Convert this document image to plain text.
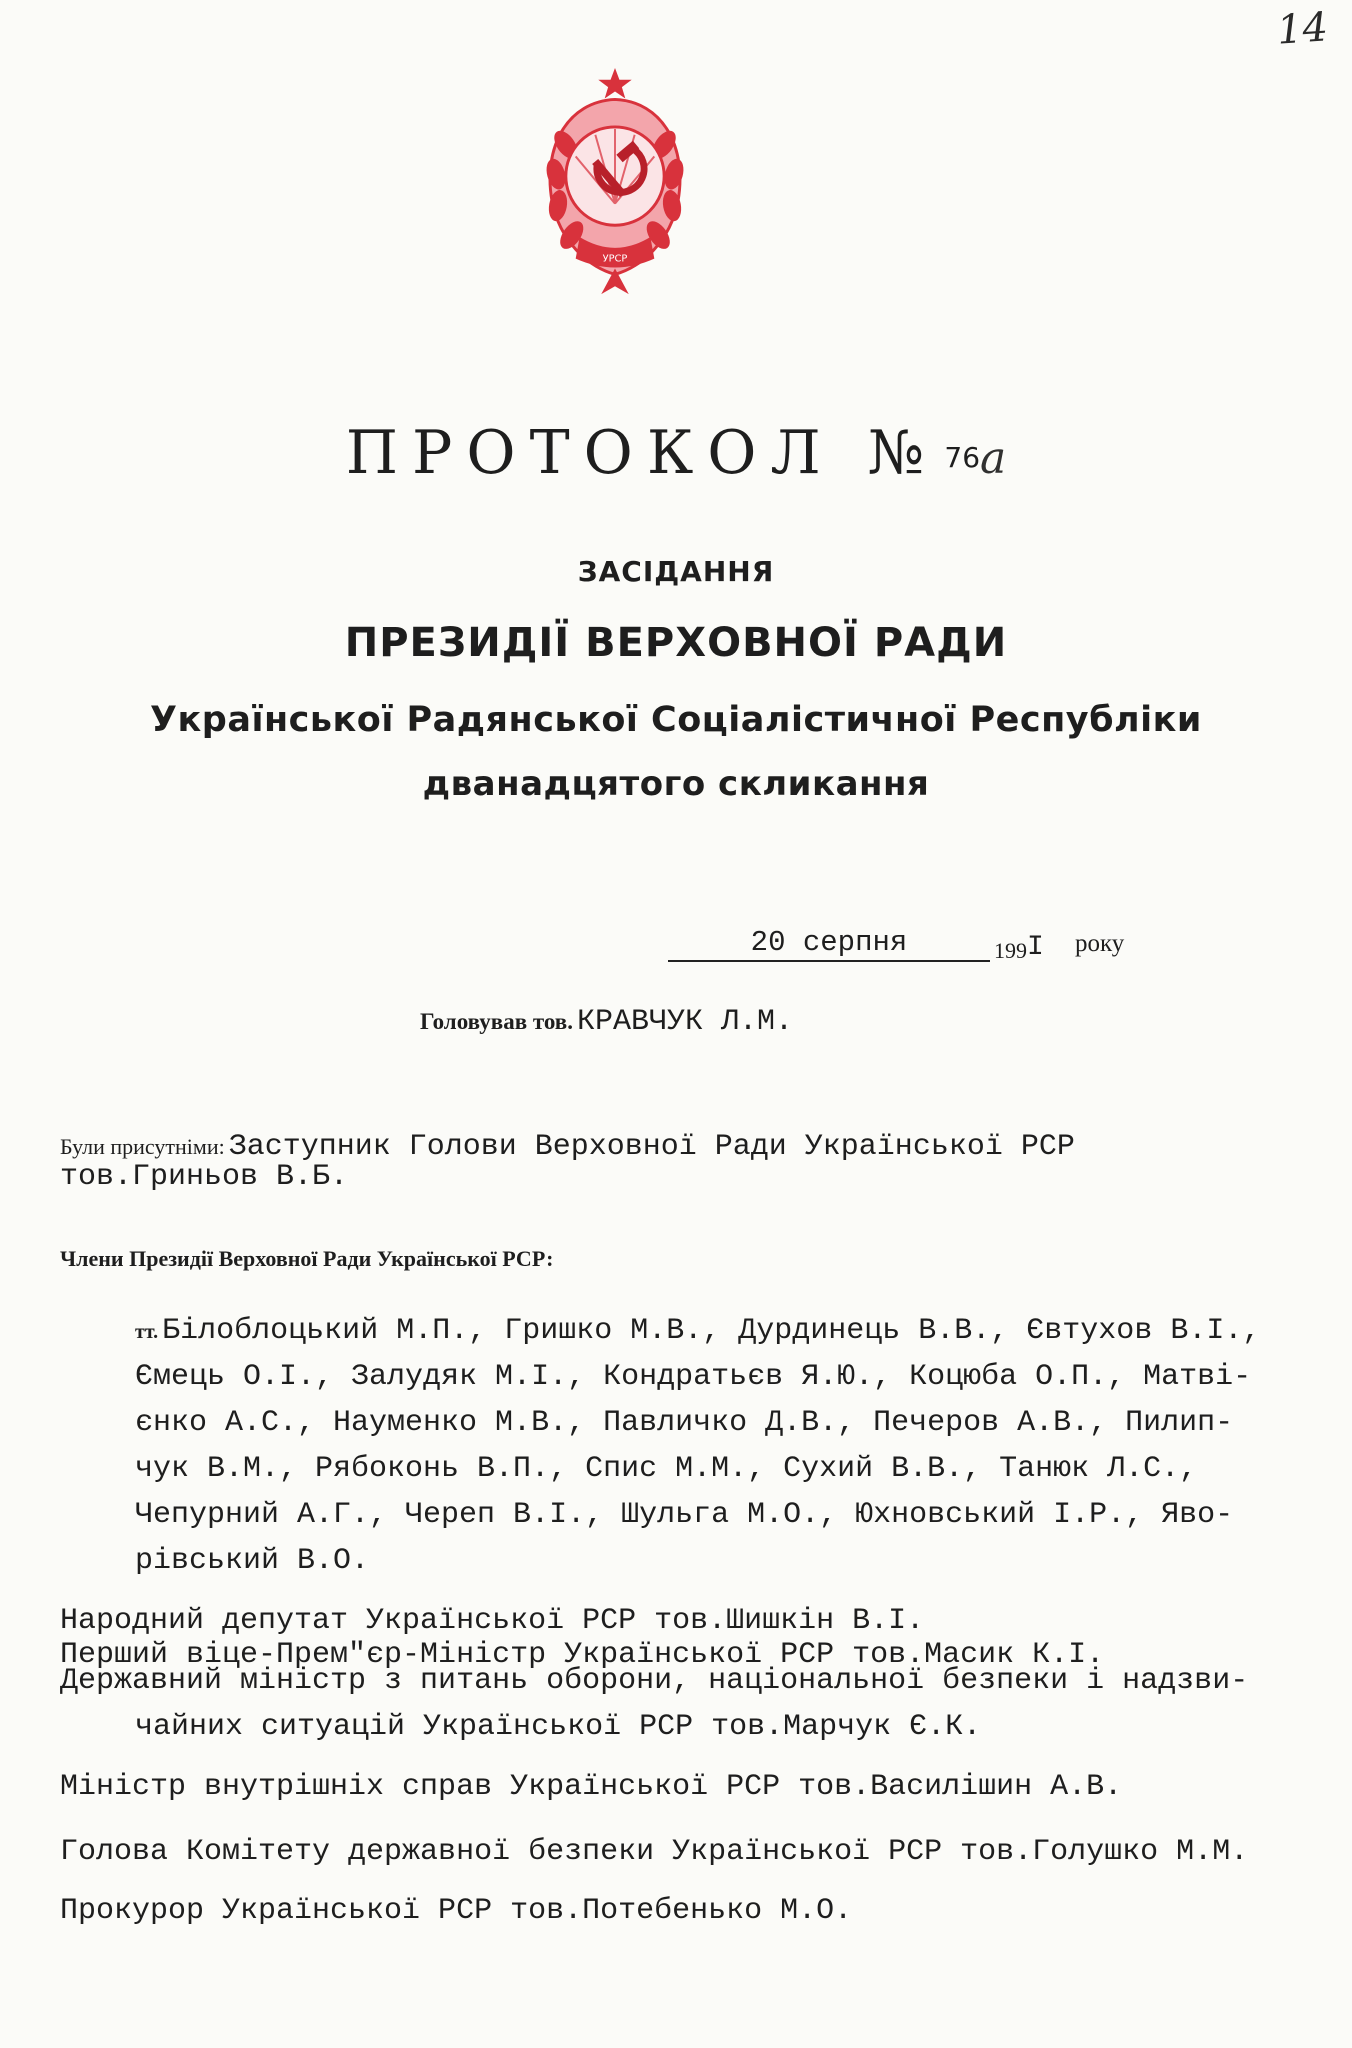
14
УРСР
ПРОТОКОЛ № 76а
ЗАСІДАННЯ
ПРЕЗИДІЇ ВЕРХОВНОЇ РАДИ
Української Радянської Соціалістичної Республіки
дванадцятого скликання
20 серпня	199I	року
Головував тов. КРАВЧУК Л.М.
Були присутніми: Заступник Голови Верховної Ради Української РСР
тов.Гриньов В.Б.
Члени Президії Верховної Ради Української РСР:
тт. Білоблоцький М.П., Гришко М.В., Дурдинець В.В., Євтухов В.І.,
Ємець О.І., Залудяк М.І., Кондратьєв Я.Ю., Коцюба О.П., Матві-
єнко А.С., Науменко М.В., Павличко Д.В., Печеров А.В., Пилип-
чук В.М., Рябоконь В.П., Спис М.М., Сухий В.В., Танюк Л.С.,
Чепурний А.Г., Череп В.І., Шульга М.О., Юхновський І.Р., Яво-
рівський В.О.
Народний депутат Української РСР тов.Шишкін В.І.
Перший віце-Прем"єр-Міністр Української РСР тов.Масик К.І.
Державний міністр з питань оборони, національної безпеки і надзви-
чайних ситуацій Української РСР тов.Марчук Є.К.
Міністр внутрішніх справ Української РСР тов.Василішин А.В.
Голова Комітету державної безпеки Української РСР тов.Голушко М.М.
Прокурор Української РСР тов.Потебенько М.О.
